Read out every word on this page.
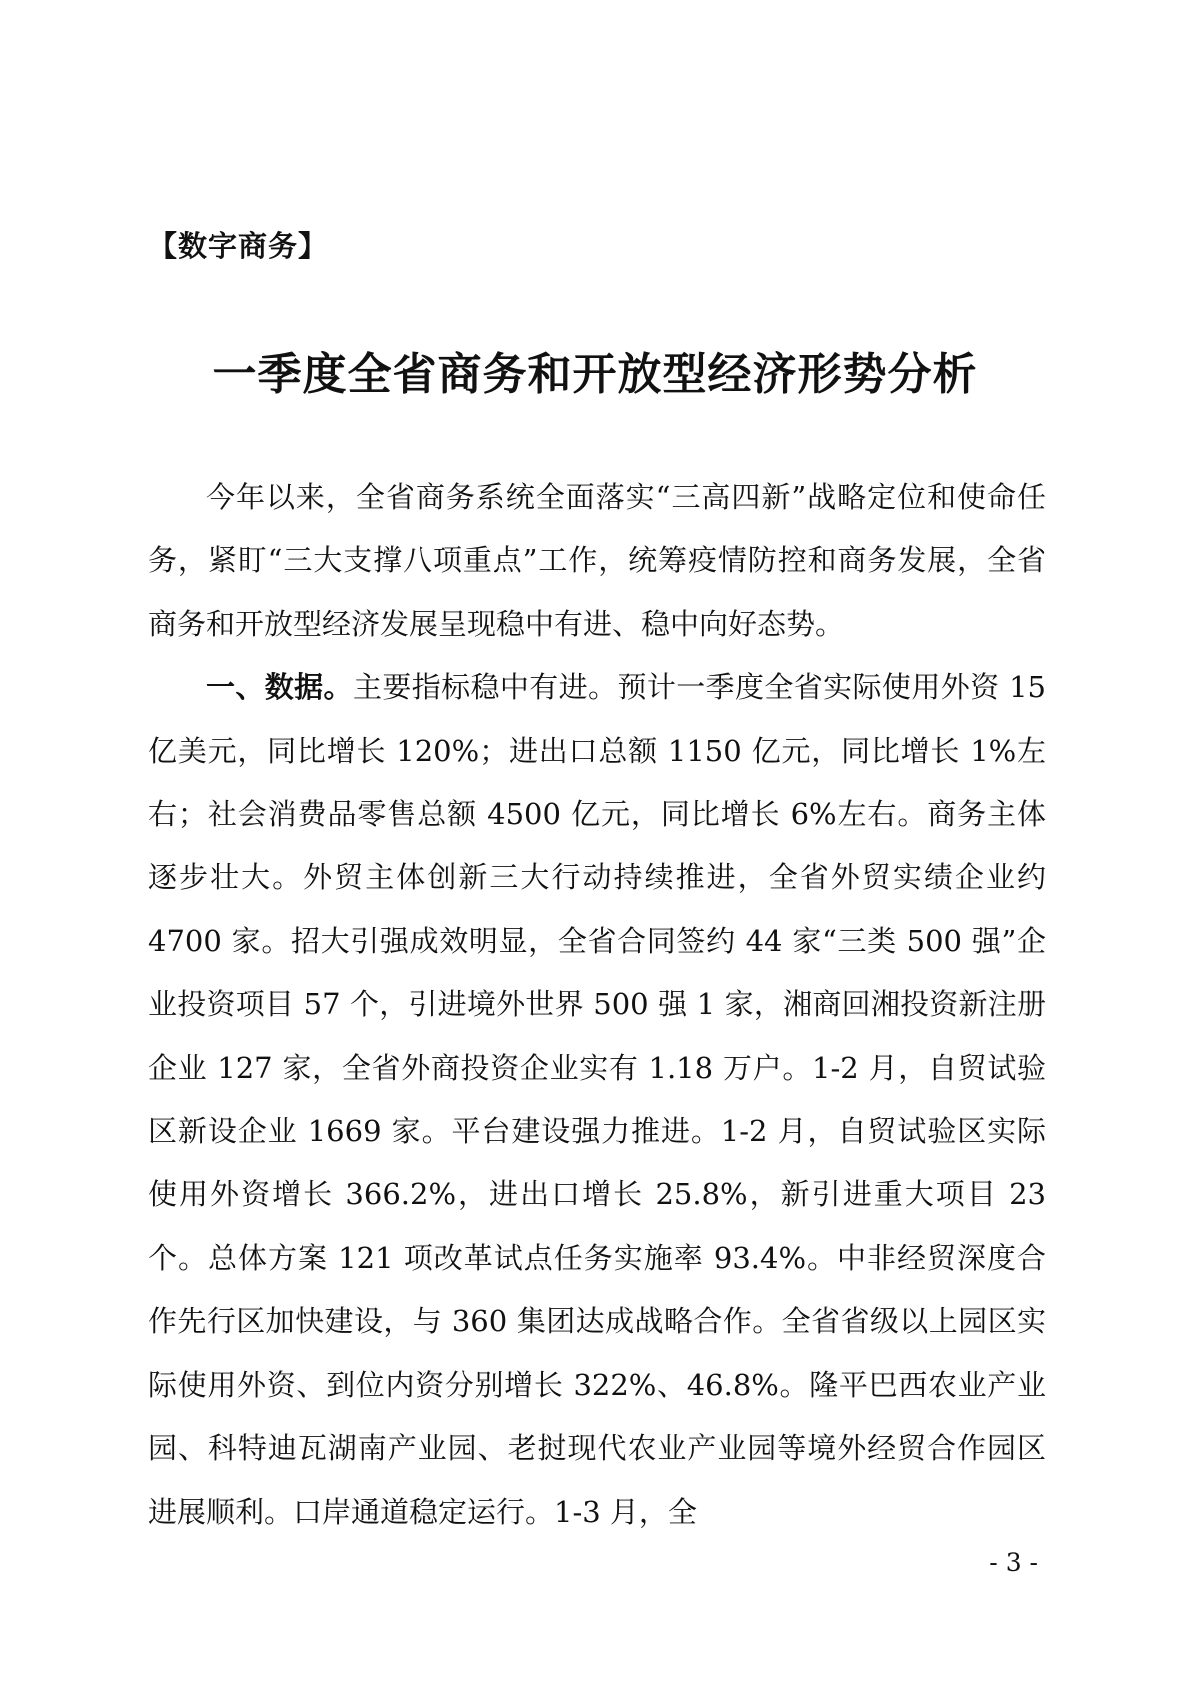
【数字商务】
一季度全省商务和开放型经济形势分析

今年以来，全省商务系统全面落实“三高四新”战略定位和使命任务，紧盯“三大支撑八项重点”工作，统筹疫情防控和商务发展，全省商务和开放型经济发展呈现稳中有进、稳中向好态势。

一、数据。主要指标稳中有进。预计一季度全省实际使用外资 15 亿美元，同比增长 120%；进出口总额 1150 亿元，同比增长 1%左右；社会消费品零售总额 4500 亿元，同比增长 6%左右。商务主体逐步壮大。外贸主体创新三大行动持续推进，全省外贸实绩企业约 4700 家。招大引强成效明显，全省合同签约 44 家“三类 500 强”企业投资项目 57 个，引进境外世界 500 强 1 家，湘商回湘投资新注册企业 127 家，全省外商投资企业实有 1.18 万户。1-2 月，自贸试验区新设企业 1669 家。平台建设强力推进。1-2 月，自贸试验区实际使用外资增长 366.2%，进出口增长 25.8%，新引进重大项目 23 个。总体方案 121 项改革试点任务实施率 93.4%。中非经贸深度合作先行区加快建设，与 360 集团达成战略合作。全省省级以上园区实际使用外资、到位内资分别增长 322%、46.8%。隆平巴西农业产业园、科特迪瓦湖南产业园、老挝现代农业产业园等境外经贸合作园区进展顺利。口岸通道稳定运行。1-3 月，全

- 3 -
